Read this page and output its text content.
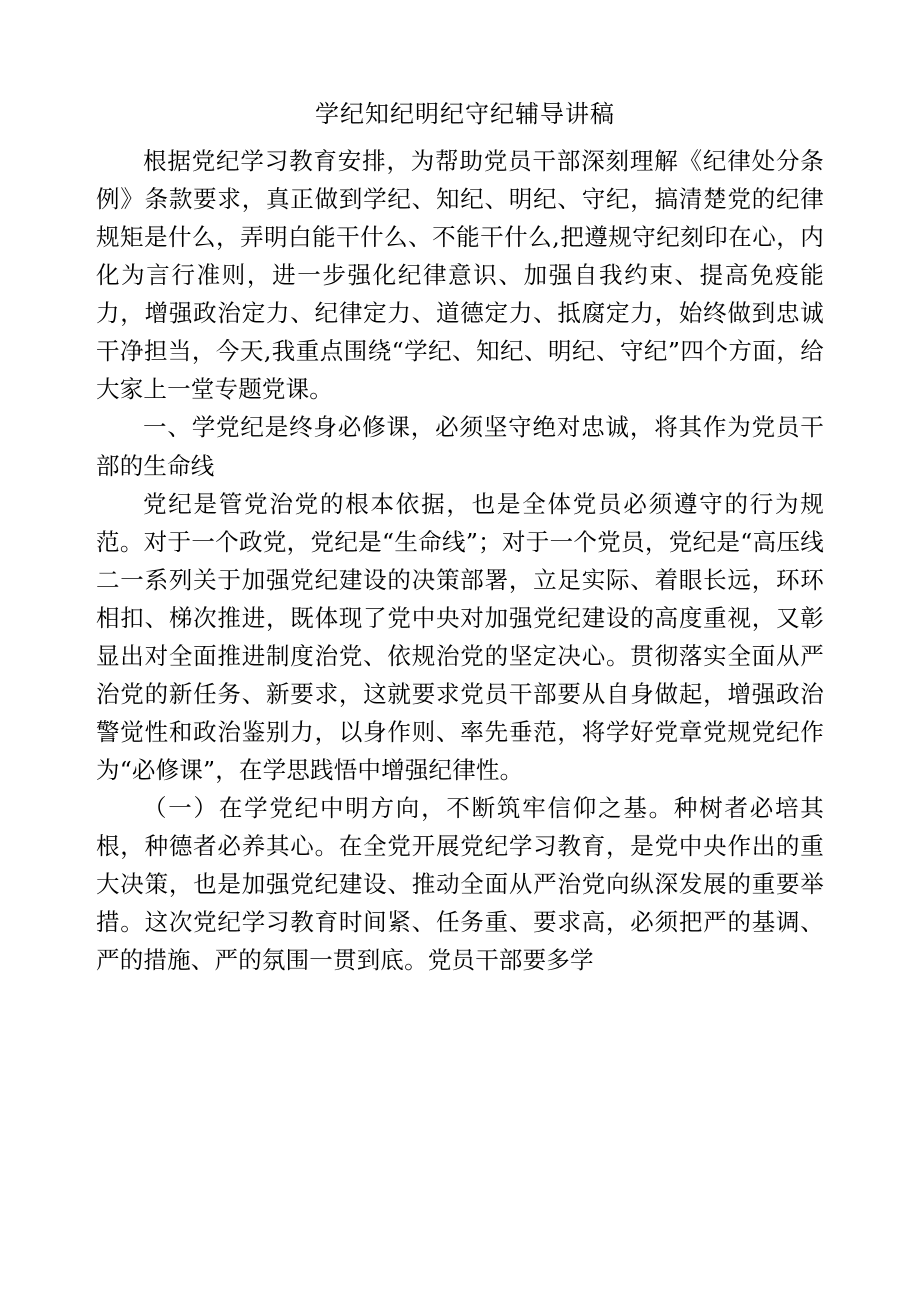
学纪知纪明纪守纪辅导讲稿

根据党纪学习教育安排，为帮助党员干部深刻理解《纪律处分条例》条款要求，真正做到学纪、知纪、明纪、守纪，搞清楚党的纪律规矩是什么，弄明白能干什么、不能干什么,把遵规守纪刻印在心，内化为言行准则，进一步强化纪律意识、加强自我约束、提高免疫能力，增强政治定力、纪律定力、道德定力、抵腐定力，始终做到忠诚干净担当，今天,我重点围绕“学纪、知纪、明纪、守纪”四个方面，给大家上一堂专题党课。

一、学党纪是终身必修课，必须坚守绝对忠诚，将其作为党员干部的生命线

党纪是管党治党的根本依据，也是全体党员必须遵守的行为规范。对于一个政党，党纪是“生命线”；对于一个党员，党纪是“高压线二一系列关于加强党纪建设的决策部署，立足实际、着眼长远，环环相扣、梯次推进，既体现了党中央对加强党纪建设的高度重视，又彰显出对全面推进制度治党、依规治党的坚定决心。贯彻落实全面从严治党的新任务、新要求，这就要求党员干部要从自身做起，增强政治警觉性和政治鉴别力，以身作则、率先垂范，将学好党章党规党纪作为“必修课”，在学思践悟中增强纪律性。

（一）在学党纪中明方向，不断筑牢信仰之基。种树者必培其根，种德者必养其心。在全党开展党纪学习教育，是党中央作出的重大决策，也是加强党纪建设、推动全面从严治党向纵深发展的重要举措。这次党纪学习教育时间紧、任务重、要求高，必须把严的基调、严的措施、严的氛围一贯到底。党员干部要多学
